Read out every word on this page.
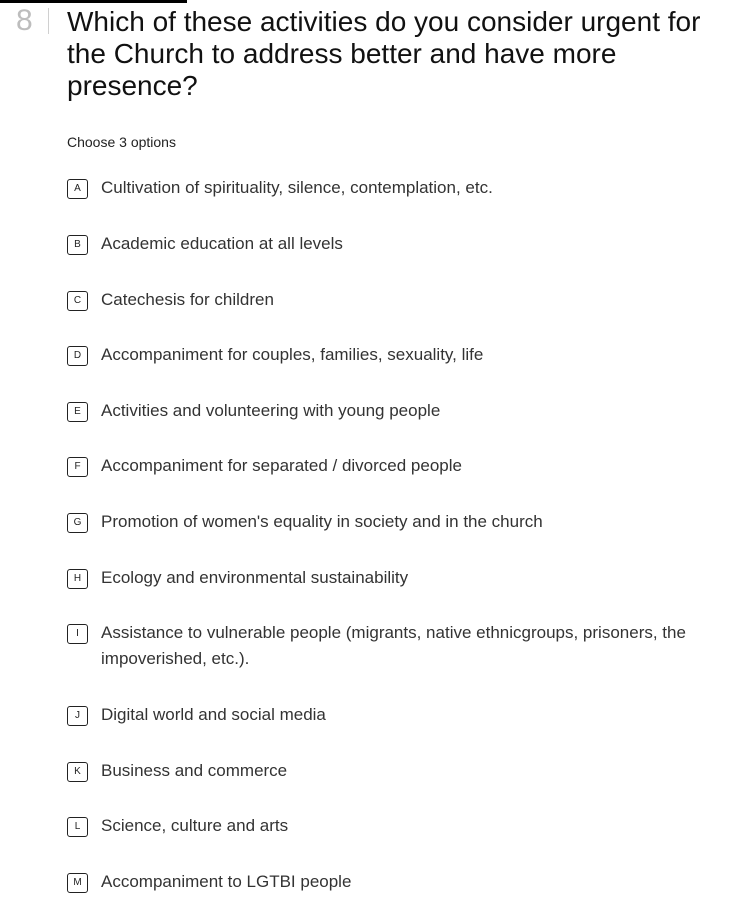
8 Which of these activities do you consider urgent for the Church to address better and have more presence?
Choose 3 options
A	Cultivation of spirituality, silence, contemplation, etc.
B	Academic education at all levels
C	Catechesis for children
D	Accompaniment for couples, families, sexuality, life
E	Activities and volunteering with young people
F	Accompaniment for separated / divorced people
G	Promotion of women's equality in society and in the church
H	Ecology and environmental sustainability
I	Assistance to vulnerable people (migrants, native ethnicgroups, prisoners, the impoverished, etc.).
J	Digital world and social media
K	Business and commerce
L	Science, culture and arts
M	Accompaniment to LGTBI people
